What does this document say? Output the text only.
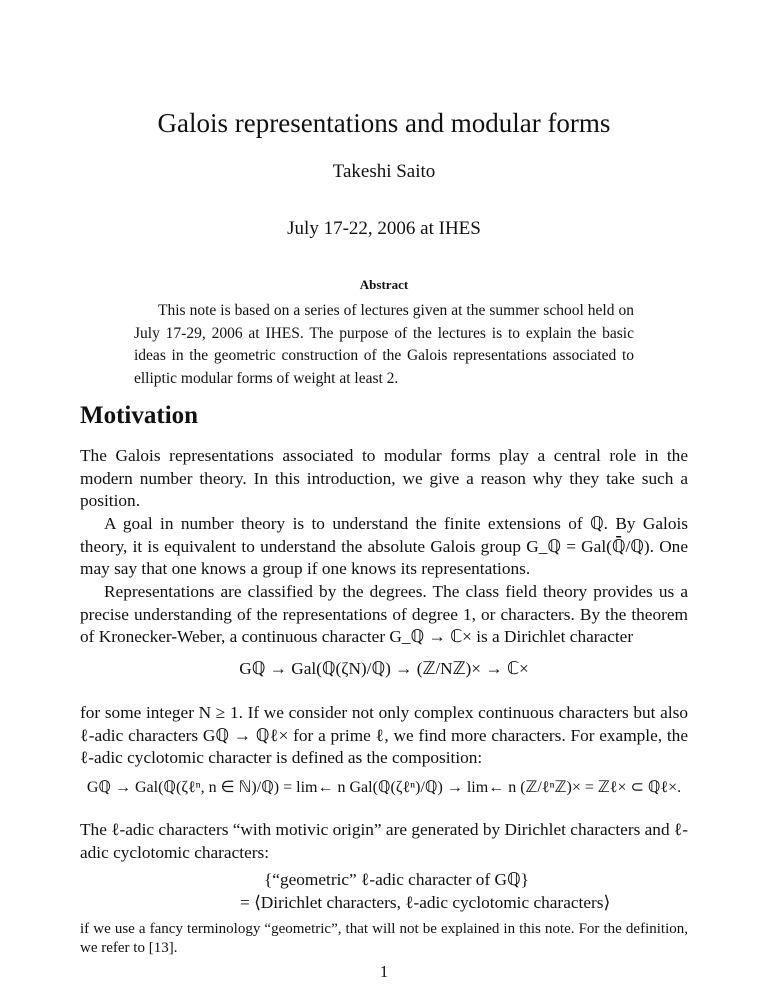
Galois representations and modular forms
Takeshi Saito
July 17-22, 2006 at IHES
Abstract
This note is based on a series of lectures given at the summer school held on July 17-29, 2006 at IHES. The purpose of the lectures is to explain the basic ideas in the geometric construction of the Galois representations associated to elliptic modular forms of weight at least 2.
Motivation

The Galois representations associated to modular forms play a central role in the modern number theory. In this introduction, we give a reason why they take such a position.

A goal in number theory is to understand the finite extensions of ℚ. By Galois theory, it is equivalent to understand the absolute Galois group G_ℚ = Gal(ℚ̄/ℚ). One may say that one knows a group if one knows its representations.

Representations are classified by the degrees. The class field theory provides us a precise understanding of the representations of degree 1, or characters. By the theorem of Kronecker-Weber, a continuous character G_ℚ → ℂ× is a Dirichlet character

Gℚ → Gal(ℚ(ζN)/ℚ) → (ℤ/Nℤ)× → ℂ×

for some integer N ≥ 1. If we consider not only complex continuous characters but also ℓ-adic characters Gℚ → ℚℓ× for a prime ℓ, we find more characters. For example, the ℓ-adic cyclotomic character is defined as the composition:

Gℚ → Gal(ℚ(ζℓⁿ, n ∈ ℕ)/ℚ) = lim← n Gal(ℚ(ζℓⁿ)/ℚ) → lim← n (ℤ/ℓⁿℤ)× = ℤℓ× ⊂ ℚℓ×.

The ℓ-adic characters “with motivic origin” are generated by Dirichlet characters and ℓ-adic cyclotomic characters:

{“geometric” ℓ-adic character of Gℚ}
= ⟨Dirichlet characters, ℓ-adic cyclotomic characters⟩

if we use a fancy terminology “geometric”, that will not be explained in this note. For the definition, we refer to [13].

1
